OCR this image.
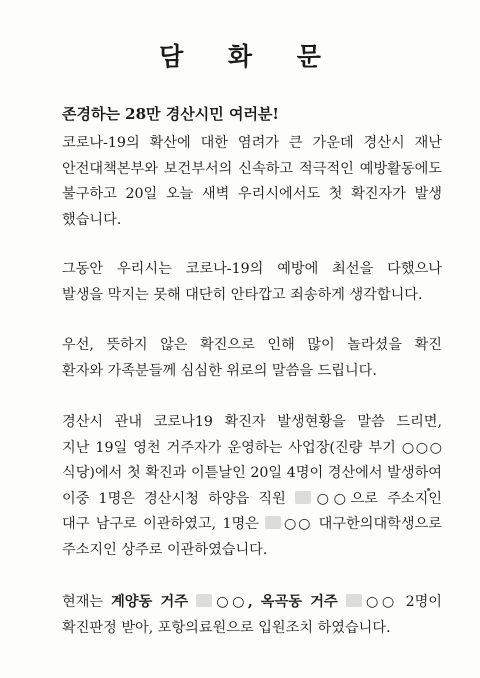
담 화 문
존경하는 28만 경산시민 여러분!
코로나-19의 확산에 대한 염려가 큰 가운데 경산시 재난
안전대책본부와 보건부서의 신속하고 적극적인 예방활동에도
불구하고 20일 오늘 새벽 우리시에서도 첫 확진자가 발생
했습니다.
그동안 우리시는 코로나-19의 예방에 최선을 다했으나
발생을 막지는 못해 대단히 안타깝고 죄송하게 생각합니다.
우선, 뜻하지 않은 확진으로 인해 많이 놀라셨을 확진
환자와 가족분들께 심심한 위로의 말씀을 드립니다.
경산시 관내 코로나19 확진자 발생현황을 말씀 드리면,
지난 19일 영천 거주자가 운영하는 사업장(진량 부기 ○○○
식당)에서 첫 확진과 이튿날인 20일 4명이 경산에서 발생하여
이중 1명은 경산시청 하양읍 직원 ○○으로 주소지인
대구 남구로 이관하였고, 1명은 ○○ 대구한의대학생으로
주소지인 상주로 이관하였습니다.
현재는 계양동 거주 ○○, 옥곡동 거주 ○○ 2명이
확진판정 받아, 포항의료원으로 입원조치 하였습니다.
